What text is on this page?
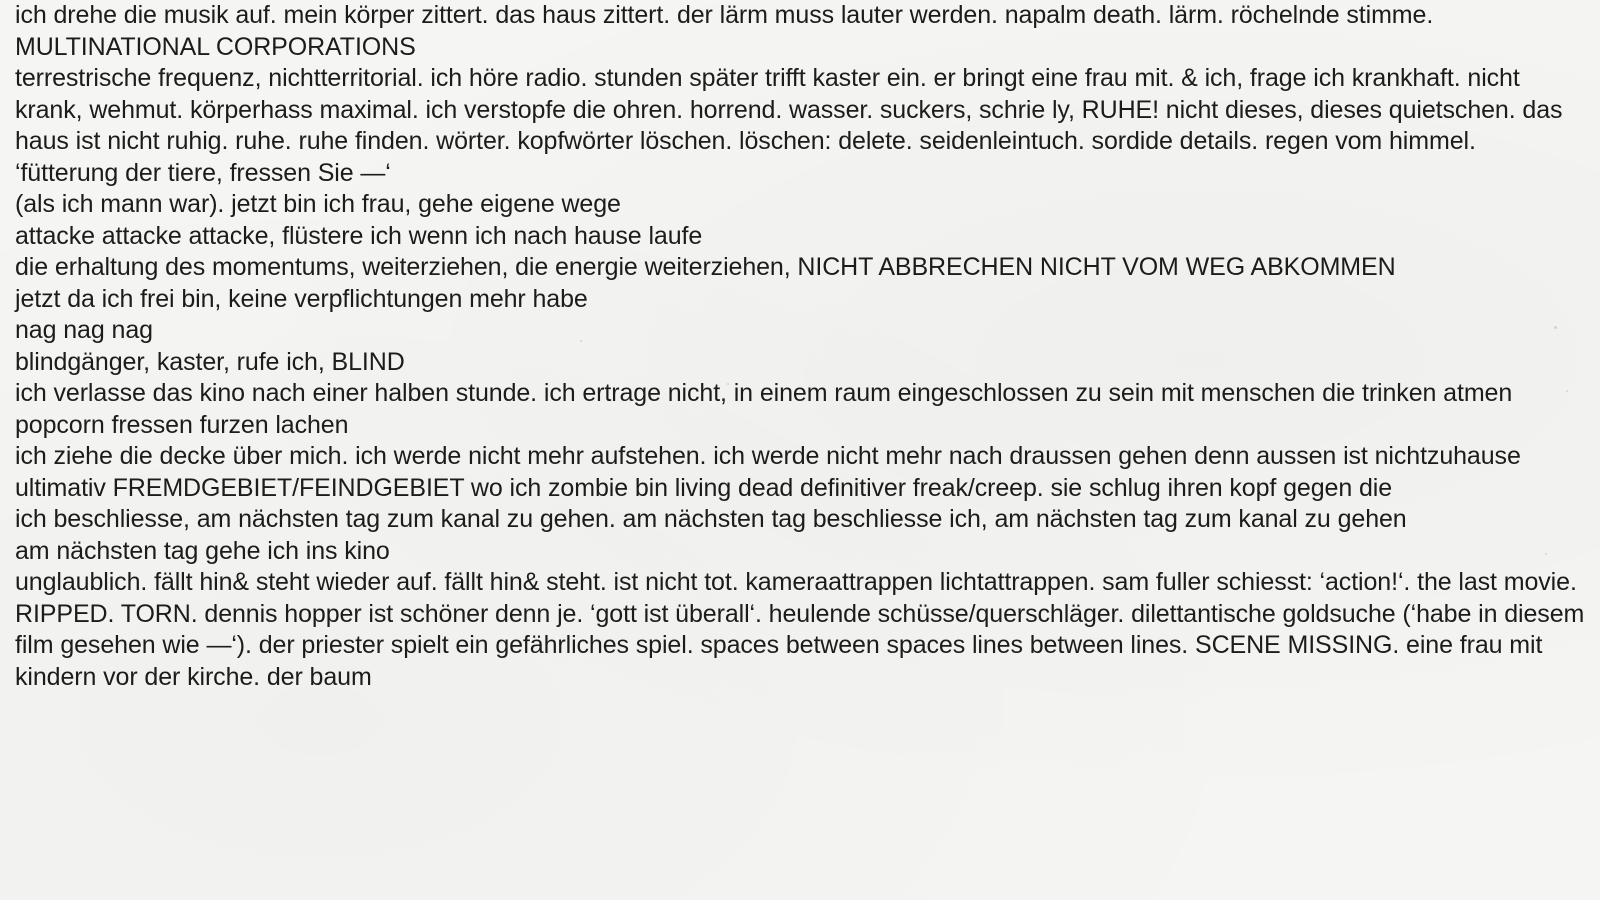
ich drehe die musik auf. mein körper zittert. das haus zittert. der lärm muss lauter werden. napalm death. lärm. röchelnde stimme. MULTINATIONAL CORPORATIONS

terrestrische frequenz, nichtterritorial. ich höre radio. stunden später trifft kaster ein. er bringt eine frau mit. & ich, frage ich krankhaft. nicht krank, wehmut. körperhass maximal. ich verstopfe die ohren. horrend. wasser. suckers, schrie ly, RUHE! nicht dieses, dieses quietschen. das haus ist nicht ruhig. ruhe. ruhe finden. wörter. kopfwörter löschen. löschen: delete. seidenleintuch. sordide details. regen vom himmel. ‘fütterung der tiere, fressen Sie —‘

(als ich mann war). jetzt bin ich frau, gehe eigene wege

attacke attacke attacke, flüstere ich wenn ich nach hause laufe

die erhaltung des momentums, weiterziehen, die energie weiterziehen, NICHT ABBRECHEN NICHT VOM WEG ABKOMMEN

jetzt da ich frei bin, keine verpflichtungen mehr habe

nag nag nag

blindgänger, kaster, rufe ich, BLIND

ich verlasse das kino nach einer halben stunde. ich ertrage nicht, in einem raum eingeschlossen zu sein mit menschen die trinken atmen popcorn fressen furzen lachen

ich ziehe die decke über mich. ich werde nicht mehr aufstehen. ich werde nicht mehr nach draussen gehen denn aussen ist nichtzuhause ultimativ FREMDGEBIET/FEINDGEBIET wo ich zombie bin living dead definitiver freak/creep. sie schlug ihren kopf gegen die

ich beschliesse, am nächsten tag zum kanal zu gehen. am nächsten tag beschliesse ich, am nächsten tag zum kanal zu gehen

am nächsten tag gehe ich ins kino

unglaublich. fällt hin& steht wieder auf. fällt hin& steht. ist nicht tot. kameraattrappen lichtattrappen. sam fuller schiesst: ‘action!‘. the last movie. RIPPED. TORN. dennis hopper ist schöner denn je. ‘gott ist überall‘. heulende schüsse/querschläger. dilettantische goldsuche (‘habe in diesem film gesehen wie —‘). der priester spielt ein gefährliches spiel. spaces between spaces lines between lines. SCENE MISSING. eine frau mit kindern vor der kirche. der baum
